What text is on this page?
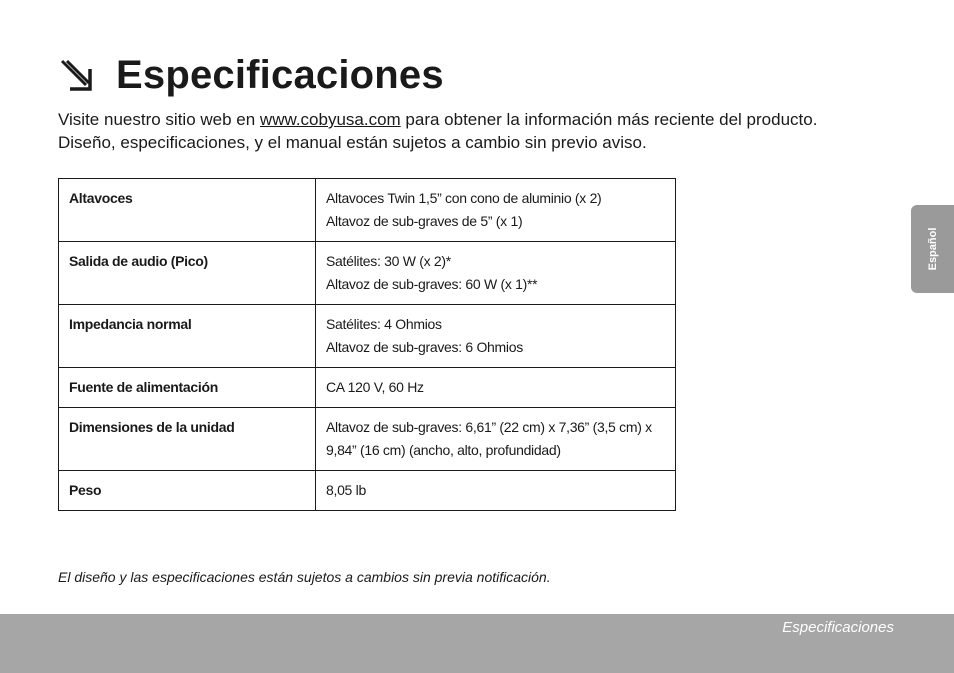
Especificaciones

Visite nuestro sitio web en www.cobyusa.com para obtener la información más reciente del producto.

Diseño, especificaciones, y el manual están sujetos a cambio sin previo aviso.

Altavoces	Altavoces Twin 1,5” con cono de aluminio (x 2)
Altavoz de sub-graves de 5” (x 1)

Salida de audio (Pico)	Satélites: 30 W (x 2)*
Altavoz de sub-graves: 60 W (x 1)**

Impedancia normal	Satélites: 4 Ohmios
Altavoz de sub-graves: 6 Ohmios

Fuente de alimentación	CA 120 V, 60 Hz

Dimensiones de la unidad	Altavoz de sub-graves: 6,61” (22 cm) x 7,36” (3,5 cm) x
9,84” (16 cm) (ancho, alto, profundidad)

Peso	8,05 lb
El diseño y las especificaciones están sujetos a cambios sin previa notificación.
Español
Especificaciones
